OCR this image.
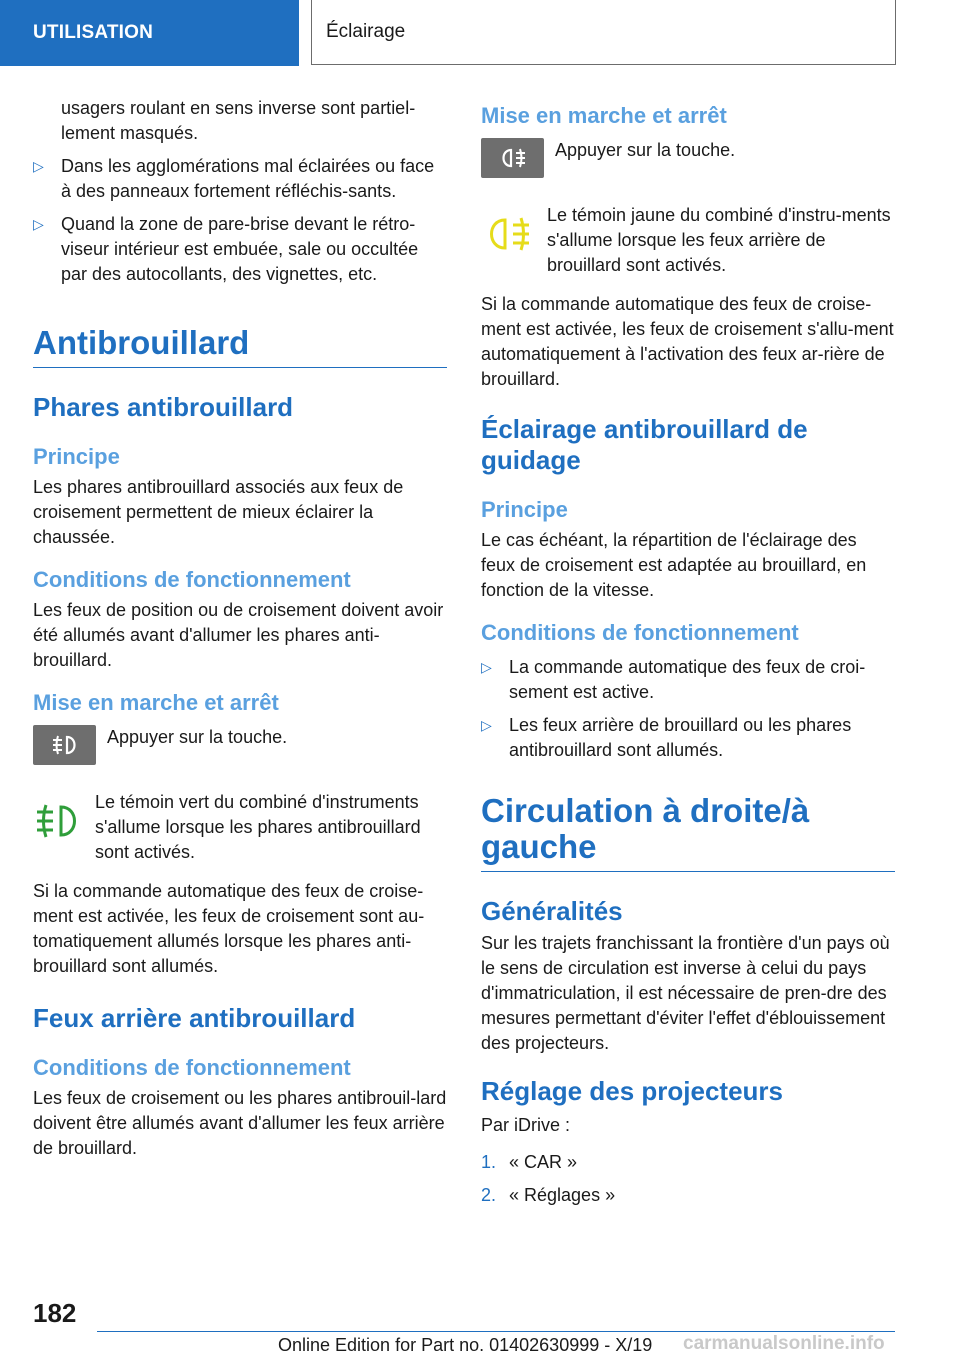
UTILISATION	Éclairage
usagers roulant en sens inverse sont partiel-lement masqués.
▷ Dans les agglomérations mal éclairées ou face à des panneaux fortement réfléchis-sants.
▷ Quand la zone de pare-brise devant le rétro-viseur intérieur est embuée, sale ou occultée par des autocollants, des vignettes, etc.
Antibrouillard
Phares antibrouillard
Principe

Les phares antibrouillard associés aux feux de croisement permettent de mieux éclairer la chaussée.

Conditions de fonctionnement

Les feux de position ou de croisement doivent avoir été allumés avant d'allumer les phares anti-brouillard.

Mise en marche et arrêt
Appuyer sur la touche.
Le témoin vert du combiné d'instruments s'allume lorsque les phares antibrouillard sont activés.

Si la commande automatique des feux de croise-ment est activée, les feux de croisement sont au-tomatiquement allumés lorsque les phares anti-brouillard sont allumés.

Feux arrière antibrouillard
Conditions de fonctionnement

Les feux de croisement ou les phares antibrouil-lard doivent être allumés avant d'allumer les feux arrière de brouillard.

Mise en marche et arrêt
Appuyer sur la touche.
Le témoin jaune du combiné d'instru-ments s'allume lorsque les feux arrière de brouillard sont activés.

Si la commande automatique des feux de croise-ment est activée, les feux de croisement s'allu-ment automatiquement à l'activation des feux ar-rière de brouillard.

Éclairage antibrouillard de guidage
Principe

Le cas échéant, la répartition de l'éclairage des feux de croisement est adaptée au brouillard, en fonction de la vitesse.

Conditions de fonctionnement
▷ La commande automatique des feux de croi-sement est active.
▷ Les feux arrière de brouillard ou les phares antibrouillard sont allumés.
Circulation à droite/à gauche
Généralités

Sur les trajets franchissant la frontière d'un pays où le sens de circulation est inverse à celui du pays d'immatriculation, il est nécessaire de pren-dre des mesures permettant d'éviter l'effet d'éblouissement des projecteurs.

Réglage des projecteurs

Par iDrive :

1. « CAR »
2. « Réglages »
182
Online Edition for Part no. 01402630999 - X/19 carmanualsonline.info
